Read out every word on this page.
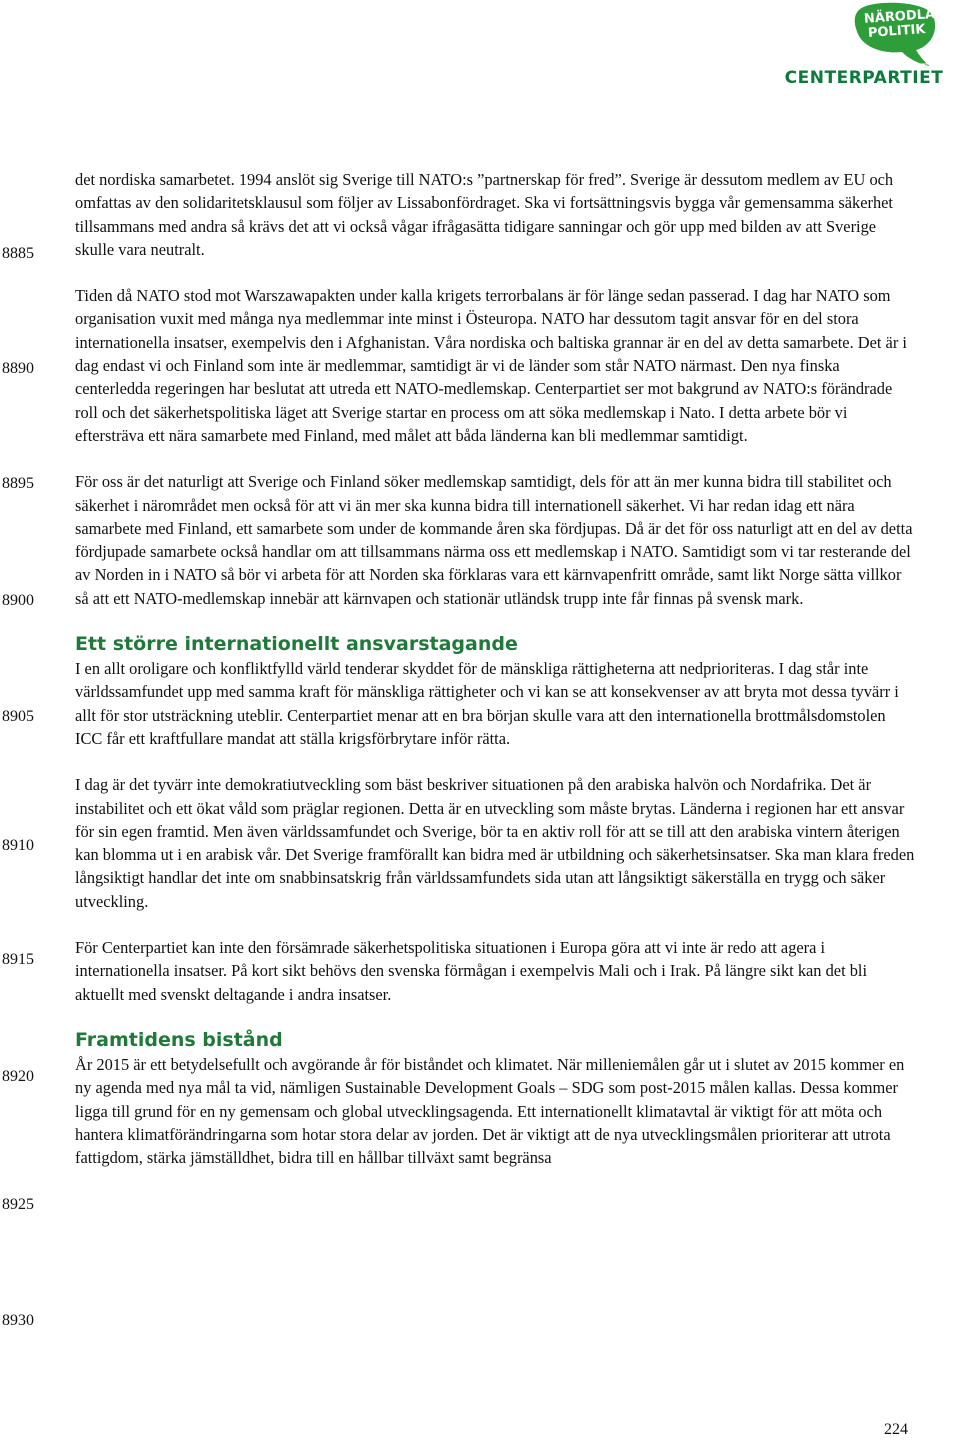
NÄRODLAD
POLITIK
CENTERPARTIET
8885
8890
8895
8900
8905
8910
8915
8920
8925
8930

det nordiska samarbetet. 1994 anslöt sig Sverige till NATO:s ”partnerskap för fred”. Sverige är dessutom medlem av EU och omfattas av den solidaritetsklausul som följer av Lissabonfördraget. Ska vi fortsättningsvis bygga vår gemensamma säkerhet tillsammans med andra så krävs det att vi också vågar ifrågasätta tidigare sanningar och gör upp med bilden av att Sverige skulle vara neutralt.

Tiden då NATO stod mot Warszawapakten under kalla krigets terrorbalans är för länge sedan passerad. I dag har NATO som organisation vuxit med många nya medlemmar inte minst i Östeuropa. NATO har dessutom tagit ansvar för en del stora internationella insatser, exempelvis den i Afghanistan. Våra nordiska och baltiska grannar är en del av detta samarbete. Det är i dag endast vi och Finland som inte är medlemmar, samtidigt är vi de länder som står NATO närmast. Den nya finska centerledda regeringen har beslutat att utreda ett NATO-medlemskap. Centerpartiet ser mot bakgrund av NATO:s förändrade roll och det säkerhetspolitiska läget att Sverige startar en process om att söka medlemskap i Nato. I detta arbete bör vi eftersträva ett nära samarbete med Finland, med målet att båda länderna kan bli medlemmar samtidigt.

För oss är det naturligt att Sverige och Finland söker medlemskap samtidigt, dels för att än mer kunna bidra till stabilitet och säkerhet i närområdet men också för att vi än mer ska kunna bidra till internationell säkerhet. Vi har redan idag ett nära samarbete med Finland, ett samarbete som under de kommande åren ska fördjupas. Då är det för oss naturligt att en del av detta fördjupade samarbete också handlar om att tillsammans närma oss ett medlemskap i NATO. Samtidigt som vi tar resterande del av Norden in i NATO så bör vi arbeta för att Norden ska förklaras vara ett kärnvapenfritt område, samt likt Norge sätta villkor så att ett NATO-medlemskap innebär att kärnvapen och stationär utländsk trupp inte får finnas på svensk mark.

Ett större internationellt ansvarstagande

I en allt oroligare och konfliktfylld värld tenderar skyddet för de mänskliga rättigheterna att nedprioriteras. I dag står inte världssamfundet upp med samma kraft för mänskliga rättigheter och vi kan se att konsekvenser av att bryta mot dessa tyvärr i allt för stor utsträckning uteblir. Centerpartiet menar att en bra början skulle vara att den internationella brottmålsdomstolen ICC får ett kraftfullare mandat att ställa krigsförbrytare inför rätta.

I dag är det tyvärr inte demokratiutveckling som bäst beskriver situationen på den arabiska halvön och Nordafrika. Det är instabilitet och ett ökat våld som präglar regionen. Detta är en utveckling som måste brytas. Länderna i regionen har ett ansvar för sin egen framtid. Men även världssamfundet och Sverige, bör ta en aktiv roll för att se till att den arabiska vintern återigen kan blomma ut i en arabisk vår. Det Sverige framförallt kan bidra med är utbildning och säkerhetsinsatser. Ska man klara freden långsiktigt handlar det inte om snabbinsatskrig från världssamfundets sida utan att långsiktigt säkerställa en trygg och säker utveckling.

För Centerpartiet kan inte den försämrade säkerhetspolitiska situationen i Europa göra att vi inte är redo att agera i internationella insatser. På kort sikt behövs den svenska förmågan i exempelvis Mali och i Irak. På längre sikt kan det bli aktuellt med svenskt deltagande i andra insatser.

Framtidens bistånd

År 2015 är ett betydelsefullt och avgörande år för biståndet och klimatet. När milleniemålen går ut i slutet av 2015 kommer en ny agenda med nya mål ta vid, nämligen Sustainable Development Goals – SDG som post-2015 målen kallas. Dessa kommer ligga till grund för en ny gemensam och global utvecklingsagenda. Ett internationellt klimatavtal är viktigt för att möta och hantera klimatförändringarna som hotar stora delar av jorden. Det är viktigt att de nya utvecklingsmålen prioriterar att utrota fattigdom, stärka jämställdhet, bidra till en hållbar tillväxt samt begränsa

224
